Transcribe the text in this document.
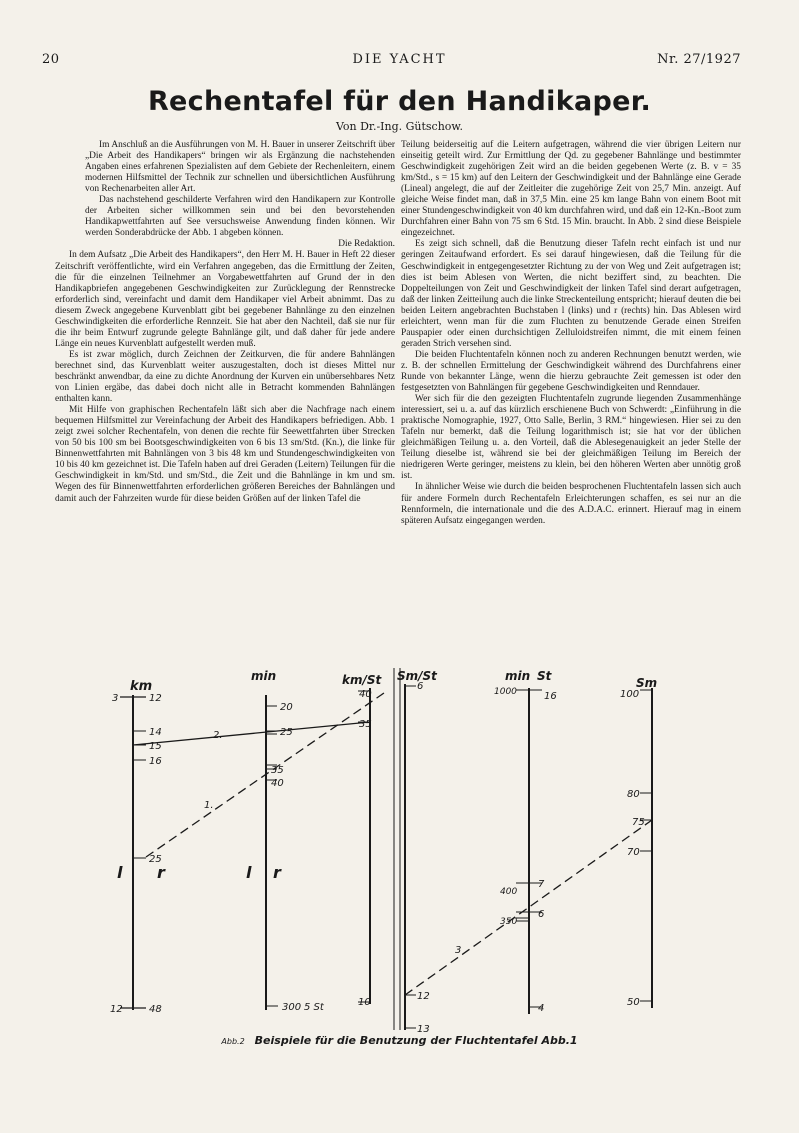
20	DIE YACHT	Nr. 27/1927
Rechentafel für den Handikaper.
Von Dr.-Ing. Gütschow.

Im Anschluß an die Ausführungen von M. H. Bauer in unserer Zeitschrift über „Die Arbeit des Handikapers“ bringen wir als Ergänzung die nachstehenden Angaben eines erfahrenen Spezialisten auf dem Gebiete der Rechenleitern, einem modernen Hilfsmittel der Technik zur schnellen und übersichtlichen Ausführung von Rechenarbeiten aller Art.

Das nachstehend geschilderte Verfahren wird den Handikapern zur Kontrolle der Arbeiten sicher willkommen sein und bei den bevorstehenden Handikapwettfahrten auf See versuchsweise Anwendung finden können. Wir werden Sonderabdrücke der Abb. 1 abgeben können.

Die Redaktion.

In dem Aufsatz „Die Arbeit des Handikapers“, den Herr M. H. Bauer in Heft 22 dieser Zeitschrift veröffentlichte, wird ein Verfahren angegeben, das die Ermittlung der Zeiten, die für die einzelnen Teilnehmer an Vorgabewettfahrten auf Grund der in den Handikapbriefen angegebenen Geschwindigkeiten zur Zurücklegung der Rennstrecke erforderlich sind, vereinfacht und damit dem Handikaper viel Arbeit abnimmt. Das zu diesem Zweck angegebene Kurvenblatt gibt bei gegebener Bahnlänge zu den einzelnen Geschwindigkeiten die erforderliche Rennzeit. Sie hat aber den Nachteil, daß sie nur für die ihr beim Entwurf zugrunde gelegte Bahnlänge gilt, und daß daher für jede andere Länge ein neues Kurvenblatt aufgestellt werden muß.

Es ist zwar möglich, durch Zeichnen der Zeitkurven, die für andere Bahnlängen berechnet sind, das Kurvenblatt weiter auszugestalten, doch ist dieses Mittel nur beschränkt anwendbar, da eine zu dichte Anordnung der Kurven ein unübersehbares Netz von Linien ergäbe, das dabei doch nicht alle in Betracht kommenden Bahnlängen enthalten kann.

Mit Hilfe von graphischen Rechentafeln läßt sich aber die Nachfrage nach einem bequemen Hilfsmittel zur Vereinfachung der Arbeit des Handikapers befriedigen. Abb. 1 zeigt zwei solcher Rechentafeln, von denen die rechte für Seewettfahrten über Strecken von 50 bis 100 sm bei Bootsgeschwindigkeiten von 6 bis 13 sm/Std. (Kn.), die linke für Binnenwettfahrten mit Bahnlängen von 3 bis 48 km und Stundengeschwindigkeiten von 10 bis 40 km gezeichnet ist. Die Tafeln haben auf drei Geraden (Leitern) Teilungen für die Geschwindigkeit in km/Std. und sm/Std., die Zeit und die Bahnlänge in km und sm. Wegen des für Binnenwettfahrten erforderlichen größeren Bereiches der Bahnlängen und damit auch der Fahrzeiten wurde für diese beiden Größen auf der linken Tafel die

Teilung beiderseitig auf die Leitern aufgetragen, während die vier übrigen Leitern nur einseitig geteilt wird. Zur Ermittlung der Qd. zu gegebener Bahnlänge und bestimmter Geschwindigkeit zugehörigen Zeit wird an die beiden gegebenen Werte (z. B. v = 35 km/Std., s = 15 km) auf den Leitern der Geschwindigkeit und der Bahnlänge eine Gerade (Lineal) angelegt, die auf der Zeitleiter die zugehörige Zeit von 25,7 Min. anzeigt. Auf gleiche Weise findet man, daß in 37,5 Min. eine 25 km lange Bahn von einem Boot mit einer Stundengeschwindigkeit von 40 km durchfahren wird, und daß ein 12-Kn.-Boot zum Durchfahren einer Bahn von 75 sm 6 Std. 15 Min. braucht. In Abb. 2 sind diese Beispiele eingezeichnet.

Es zeigt sich schnell, daß die Benutzung dieser Tafeln recht einfach ist und nur geringen Zeitaufwand erfordert. Es sei darauf hingewiesen, daß die Teilung für die Geschwindigkeit in entgegengesetzter Richtung zu der von Weg und Zeit aufgetragen ist; dies ist beim Ablesen von Werten, die nicht beziffert sind, zu beachten. Die Doppelteilungen von Zeit und Geschwindigkeit der linken Tafel sind derart aufgetragen, daß der linken Zeitteilung auch die linke Streckenteilung entspricht; hierauf deuten die bei beiden Leitern angebrachten Buchstaben l (links) und r (rechts) hin. Das Ablesen wird erleichtert, wenn man für die zum Fluchten zu benutzende Gerade einen Streifen Pauspapier oder einen durchsichtigen Zelluloidstreifen nimmt, die mit einem feinen geraden Strich versehen sind.

Die beiden Fluchtentafeln können noch zu anderen Rechnungen benutzt werden, wie z. B. der schnellen Ermittelung der Geschwindigkeit während des Durchfahrens einer Runde von bekannter Länge, wenn die hierzu gebrauchte Zeit gemessen ist oder den festgesetzten von Bahnlängen für gegebene Geschwindigkeiten und Renndauer.

Wer sich für die den gezeigten Fluchtentafeln zugrunde liegenden Zusammenhänge interessiert, sei u. a. auf das kürzlich erschienene Buch von Schwerdt: „Einführung in die praktische Nomographie, 1927, Otto Salle, Berlin, 3 RM.“ hingewiesen. Hier sei zu den Tafeln nur bemerkt, daß die Teilung logarithmisch ist; sie hat vor der üblichen gleichmäßigen Teilung u. a. den Vorteil, daß die Ablesegenauigkeit an jeder Stelle der Teilung dieselbe ist, während sie bei der gleichmäßigen Teilung im Bereich der niedrigeren Werte geringer, meistens zu klein, bei den höheren Werten aber unnötig groß ist.

In ähnlicher Weise wie durch die beiden besprochenen Fluchtentafeln lassen sich auch für andere Formeln durch Rechentafeln Erleichterungen schaffen, es sei nur an die Rennformeln, die internationale und die des A.D.A.C. erinnert. Hierauf mag in einem späteren Aufsatz eingegangen werden.

km
min	km/St
3	12
14
15
16
25
12	48
20
25
35
40
300 5 St
40
35
10
l r	l r
2.
1.
Sm/St	min St	Sm
6
12
13
1000
400
350
16
7
6
4
100
80
75
70
50
3
Abb.2 Beispiele für die Benutzung der Fluchtentafel Abb.1
